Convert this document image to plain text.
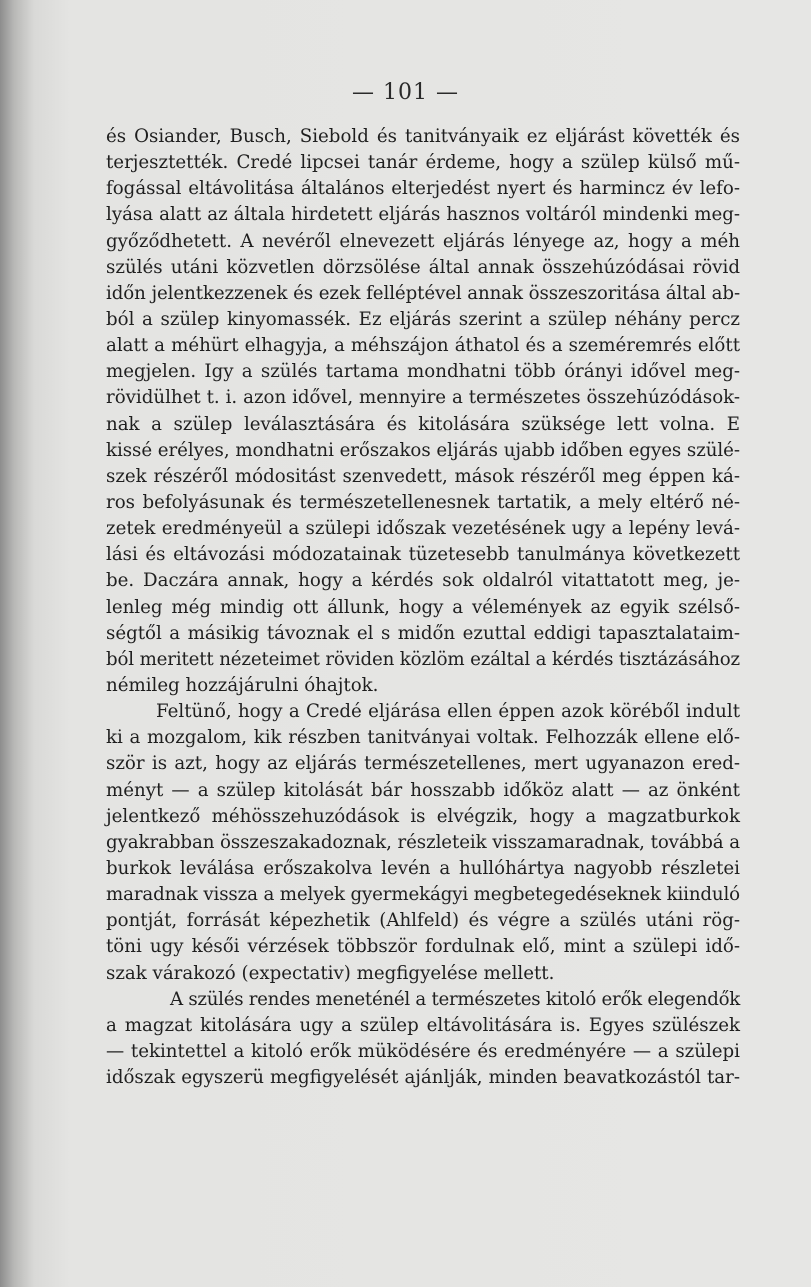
— 101 —
és Osiander, Busch, Siebold és tanitványaik ez eljárást követték és
terjesztették. Credé lipcsei tanár érdeme, hogy a szülep külső mű-
fogással eltávolitása általános elterjedést nyert és harmincz év lefo-
lyása alatt az általa hirdetett eljárás hasznos voltáról mindenki meg-
győződhetett. A nevéről elnevezett eljárás lényege az, hogy a méh
szülés utáni közvetlen dörzsölése által annak összehúzódásai rövid
időn jelentkezzenek és ezek felléptével annak összeszoritása által ab-
ból a szülep kinyomassék. Ez eljárás szerint a szülep néhány percz
alatt a méhürt elhagyja, a méhszájon áthatol és a szeméremrés előtt
megjelen. Igy a szülés tartama mondhatni több órányi idővel meg-
rövidülhet t. i. azon idővel, mennyire a természetes összehúzódások-
nak a szülep leválasztására és kitolására szüksége lett volna. E
kissé erélyes, mondhatni erőszakos eljárás ujabb időben egyes szülé-
szek részéről módositást szenvedett, mások részéről meg éppen ká-
ros befolyásunak és természetellenesnek tartatik, a mely eltérő né-
zetek eredményeül a szülepi időszak vezetésének ugy a lepény levá-
lási és eltávozási módozatainak tüzetesebb tanulmánya következett
be. Daczára annak, hogy a kérdés sok oldalról vitattatott meg, je-
lenleg még mindig ott állunk, hogy a vélemények az egyik szélső-
ségtől a másikig távoznak el s midőn ezuttal eddigi tapasztalataim-
ból meritett nézeteimet röviden közlöm ezáltal a kérdés tisztázásához
némileg hozzájárulni óhajtok.
Feltünő, hogy a Credé eljárása ellen éppen azok köréből indult
ki a mozgalom, kik részben tanitványai voltak. Felhozzák ellene elő-
ször is azt, hogy az eljárás természetellenes, mert ugyanazon ered-
ményt — a szülep kitolását bár hosszabb időköz alatt — az önként
jelentkező méhösszehuzódások is elvégzik, hogy a magzatburkok
gyakrabban összeszakadoznak, részleteik visszamaradnak, továbbá a
burkok leválása erőszakolva levén a hullóhártya nagyobb részletei
maradnak vissza a melyek gyermekágyi megbetegedéseknek kiinduló
pontját, forrását képezhetik (Ahlfeld) és végre a szülés utáni rög-
töni ugy késői vérzések többször fordulnak elő, mint a szülepi idő-
szak várakozó (expectativ) megfigyelése mellett.
A szülés rendes meneténél a természetes kitoló erők elegendők
a magzat kitolására ugy a szülep eltávolitására is. Egyes szülészek
— tekintettel a kitoló erők müködésére és eredményére — a szülepi
időszak egyszerü megfigyelését ajánlják, minden beavatkozástól tar-
